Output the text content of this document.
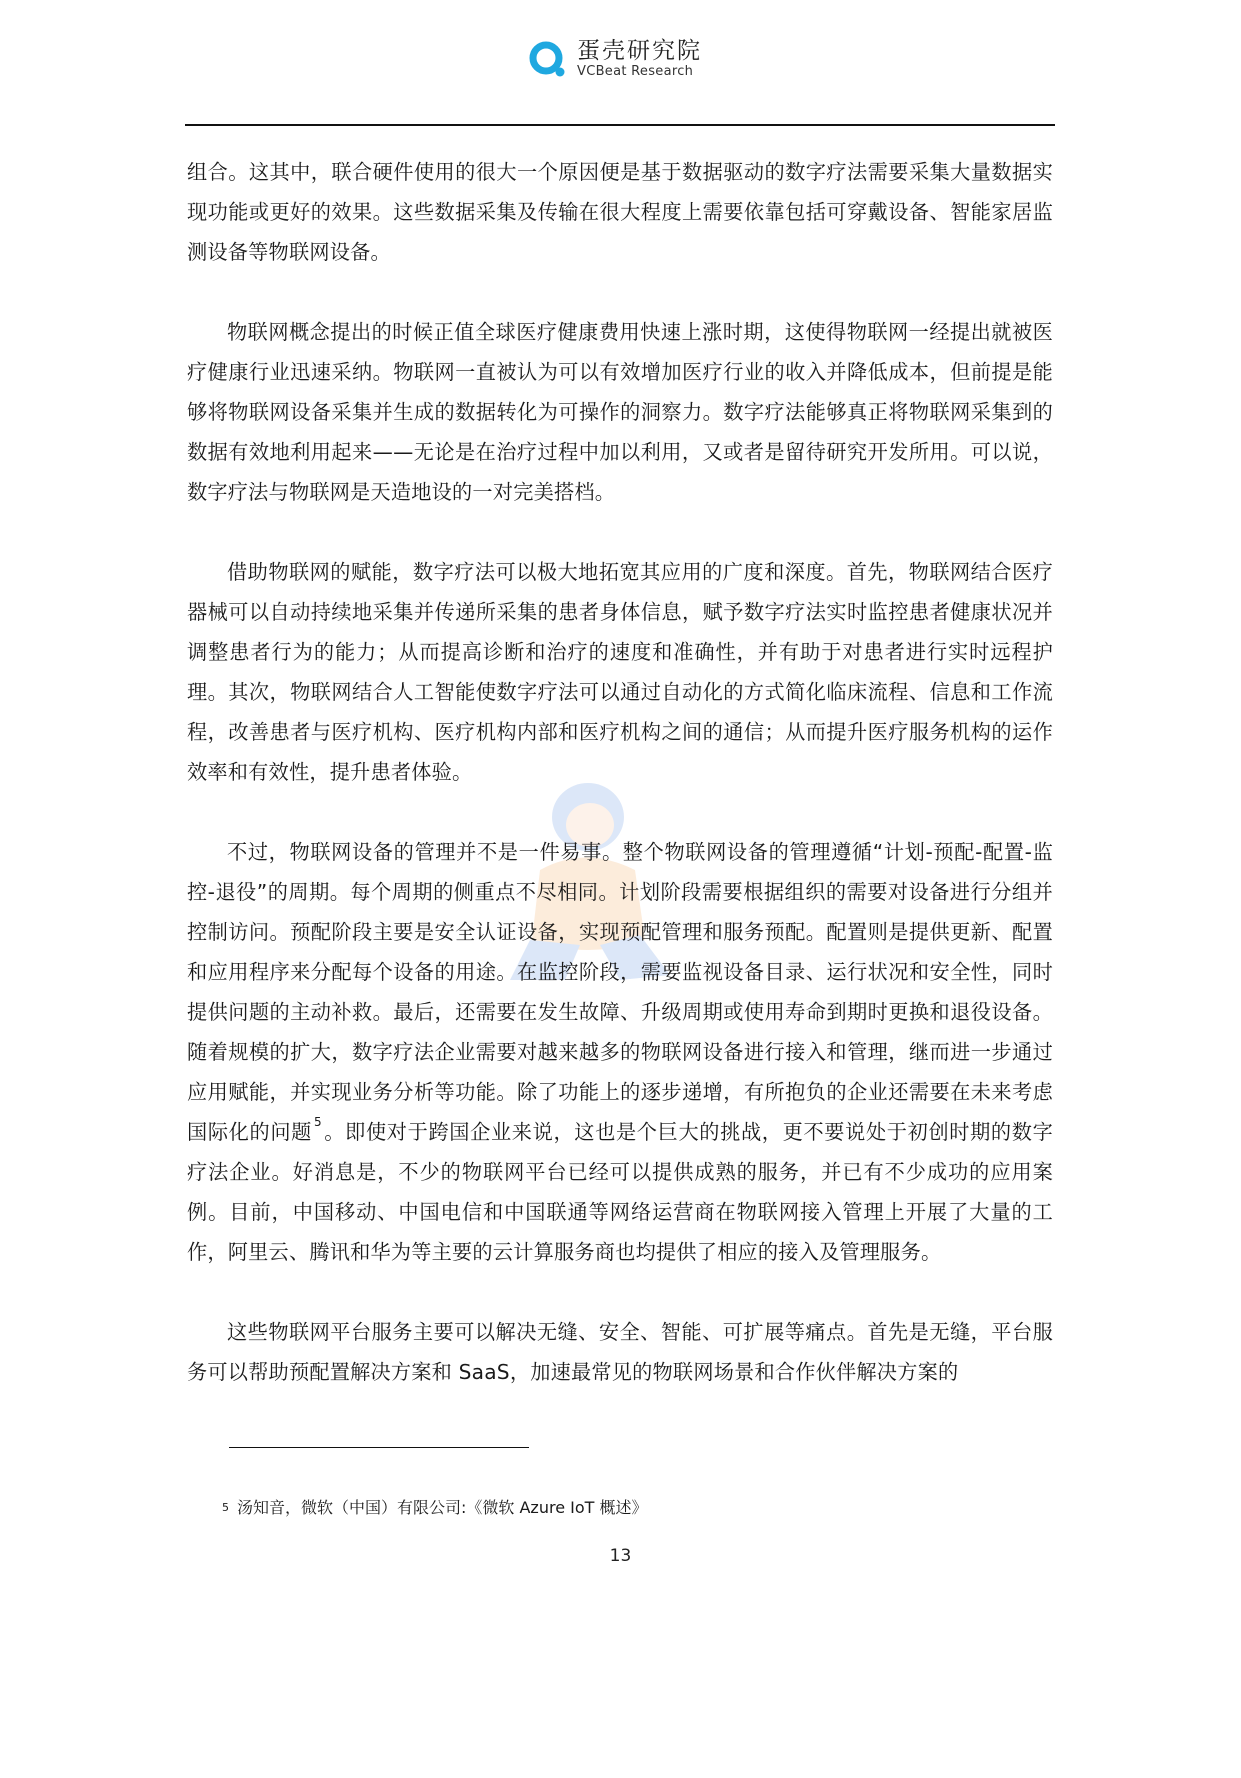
蛋壳研究院
VCBeat Research

组合。这其中，联合硬件使用的很大一个原因便是基于数据驱动的数字疗法需要采集大量数据实现功能或更好的效果。这些数据采集及传输在很大程度上需要依靠包括可穿戴设备、智能家居监测设备等物联网设备。

物联网概念提出的时候正值全球医疗健康费用快速上涨时期，这使得物联网一经提出就被医疗健康行业迅速采纳。物联网一直被认为可以有效增加医疗行业的收入并降低成本，但前提是能够将物联网设备采集并生成的数据转化为可操作的洞察力。数字疗法能够真正将物联网采集到的数据有效地利用起来——无论是在治疗过程中加以利用，又或者是留待研究开发所用。可以说，数字疗法与物联网是天造地设的一对完美搭档。

借助物联网的赋能，数字疗法可以极大地拓宽其应用的广度和深度。首先，物联网结合医疗器械可以自动持续地采集并传递所采集的患者身体信息，赋予数字疗法实时监控患者健康状况并调整患者行为的能力；从而提高诊断和治疗的速度和准确性，并有助于对患者进行实时远程护理。其次，物联网结合人工智能使数字疗法可以通过自动化的方式简化临床流程、信息和工作流程，改善患者与医疗机构、医疗机构内部和医疗机构之间的通信；从而提升医疗服务机构的运作效率和有效性，提升患者体验。

不过，物联网设备的管理并不是一件易事。整个物联网设备的管理遵循“计划-预配-配置-监控-退役”的周期。每个周期的侧重点不尽相同。计划阶段需要根据组织的需要对设备进行分组并控制访问。预配阶段主要是安全认证设备，实现预配管理和服务预配。配置则是提供更新、配置和应用程序来分配每个设备的用途。在监控阶段，需要监视设备目录、运行状况和安全性，同时提供问题的主动补救。最后，还需要在发生故障、升级周期或使用寿命到期时更换和退役设备。随着规模的扩大，数字疗法企业需要对越来越多的物联网设备进行接入和管理，继而进一步通过应用赋能，并实现业务分析等功能。除了功能上的逐步递增，有所抱负的企业还需要在未来考虑国际化的问题 $^5$。即使对于跨国企业来说，这也是个巨大的挑战，更不要说处于初创时期的数字疗法企业。好消息是，不少的物联网平台已经可以提供成熟的服务，并已有不少成功的应用案例。目前，中国移动、中国电信和中国联通等网络运营商在物联网接入管理上开展了大量的工作，阿里云、腾讯和华为等主要的云计算服务商也均提供了相应的接入及管理服务。

这些物联网平台服务主要可以解决无缝、安全、智能、可扩展等痛点。首先是无缝，平台服务可以帮助预配置解决方案和 SaaS，加速最常见的物联网场景和合作伙伴解决方案的

$^5$ 汤知音，微软（中国）有限公司:《微软 Azure IoT 概述》
13
